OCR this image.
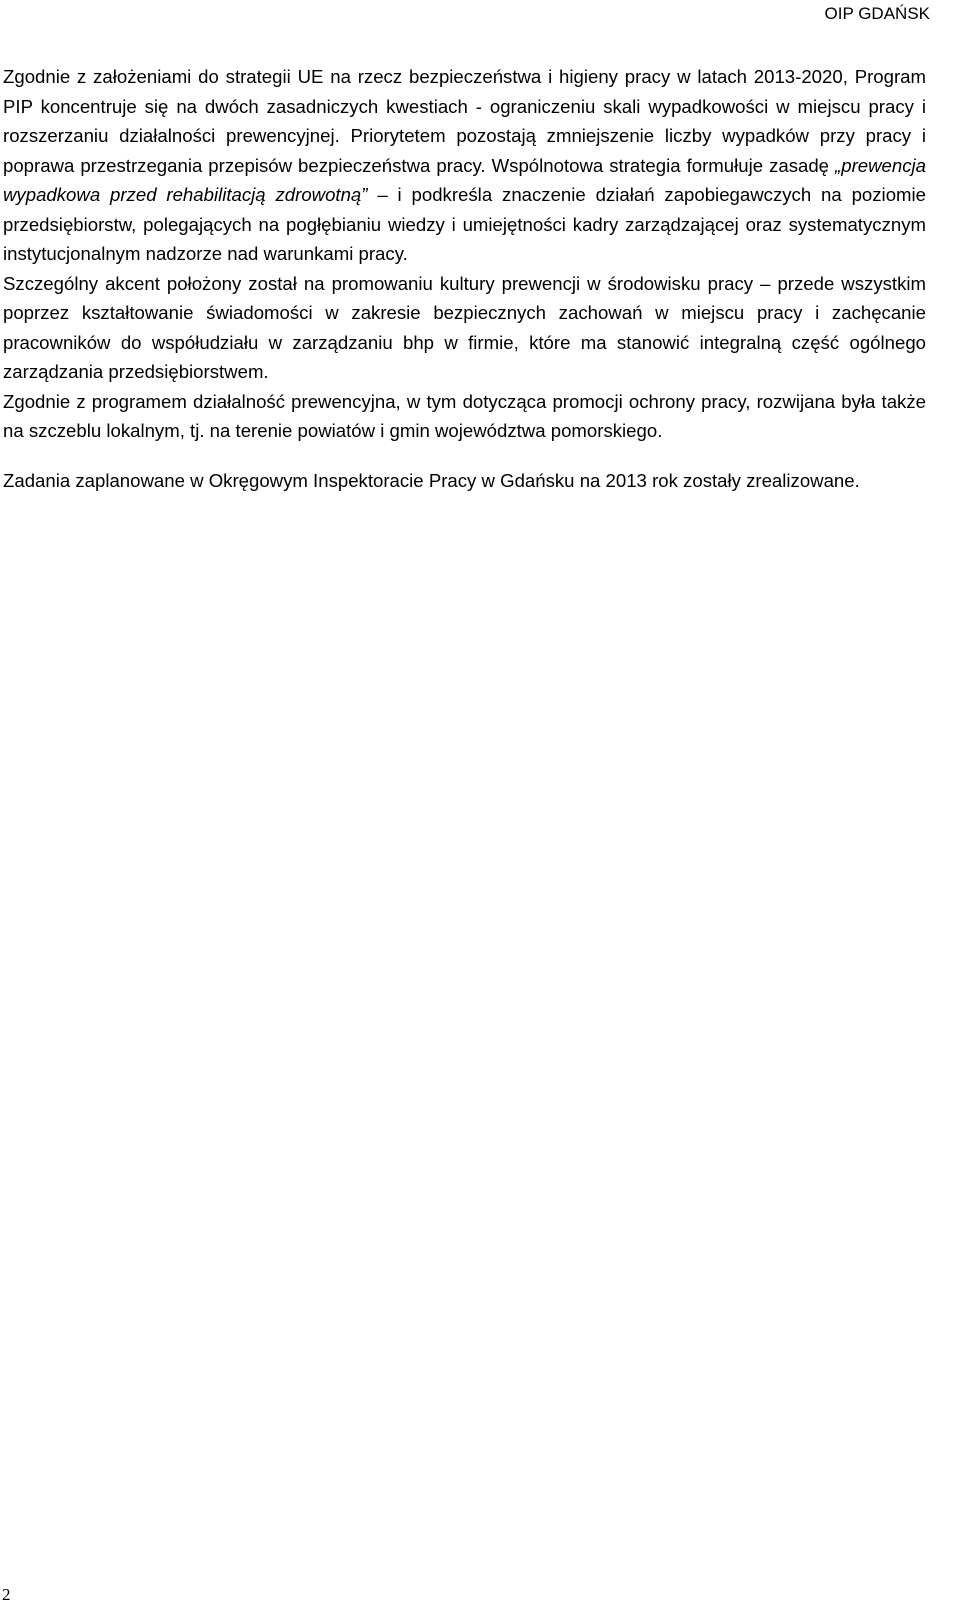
OIP GDAŃSK

Zgodnie z założeniami do strategii UE na rzecz bezpieczeństwa i higieny pracy w latach 2013-2020, Program PIP koncentruje się na dwóch zasadniczych kwestiach - ograniczeniu skali wypadkowości w miejscu pracy i rozszerzaniu działalności prewencyjnej. Priorytetem pozostają zmniejszenie liczby wypadków przy pracy i poprawa przestrzegania przepisów bezpieczeństwa pracy. Wspólnotowa strategia formułuje zasadę „prewencja wypadkowa przed rehabilitacją zdrowotną” – i podkreśla znaczenie działań zapobiegawczych na poziomie przedsiębiorstw, polegających na pogłębianiu wiedzy i umiejętności kadry zarządzającej oraz systematycznym instytucjonalnym nadzorze nad warunkami pracy.

Szczególny akcent położony został na promowaniu kultury prewencji w środowisku pracy – przede wszystkim poprzez kształtowanie świadomości w zakresie bezpiecznych zachowań w miejscu pracy i zachęcanie pracowników do współudziału w zarządzaniu bhp w firmie, które ma stanowić integralną część ogólnego zarządzania przedsiębiorstwem.

Zgodnie z programem działalność prewencyjna, w tym dotycząca promocji ochrony pracy, rozwijana była także na szczeblu lokalnym, tj. na terenie powiatów i gmin województwa pomorskiego.

Zadania zaplanowane w Okręgowym Inspektoracie Pracy w Gdańsku na 2013 rok zostały zrealizowane.

2
